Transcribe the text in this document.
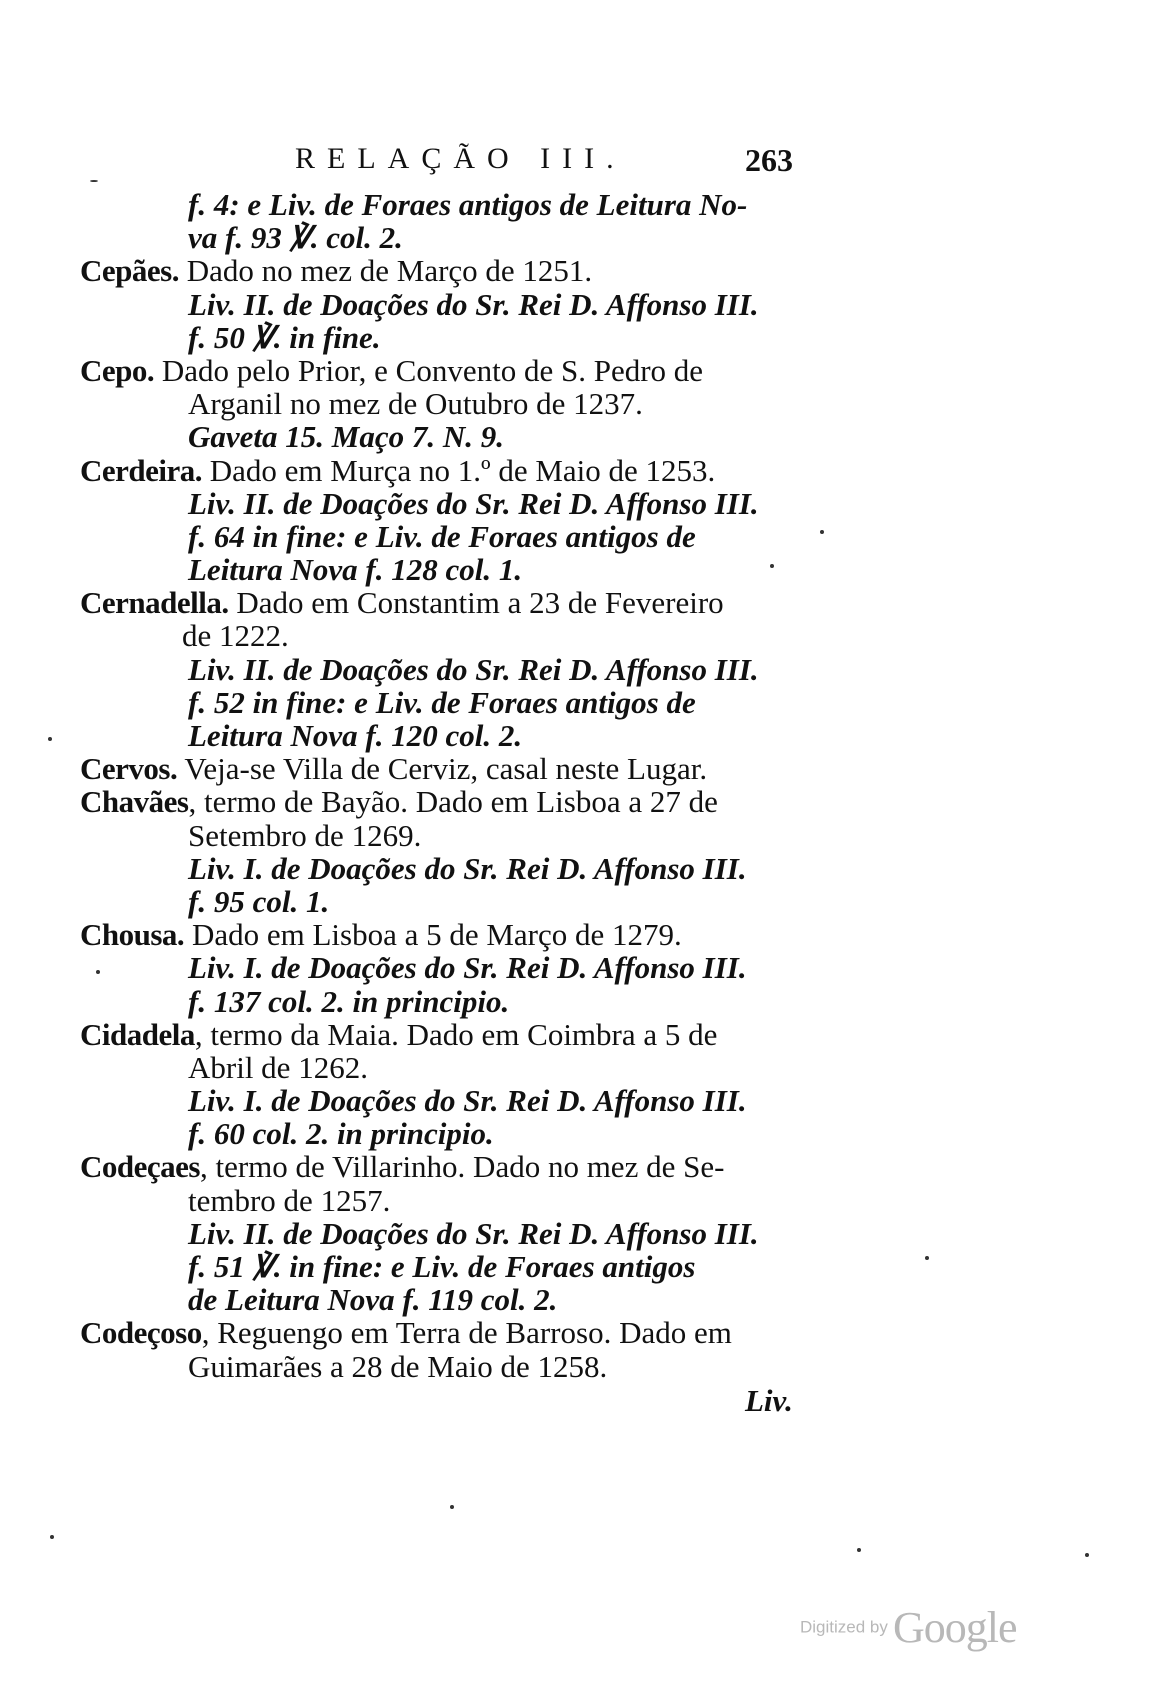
RELAÇÃO III.	263
f. 4: e Liv. de Foraes antigos de Leitura No-
va f. 93 ℣. col. 2.
Cepães. Dado no mez de Março de 1251.
Liv. II. de Doações do Sr. Rei D. Affonso III.
f. 50 ℣. in fine.
Cepo. Dado pelo Prior, e Convento de S. Pedro de
Arganil no mez de Outubro de 1237.
Gaveta 15. Maço 7. N. 9.
Cerdeira. Dado em Murça no 1.º de Maio de 1253.
Liv. II. de Doações do Sr. Rei D. Affonso III.
f. 64 in fine: e Liv. de Foraes antigos de
Leitura Nova f. 128 col. 1.
Cernadella. Dado em Constantim a 23 de Fevereiro
de 1222.
Liv. II. de Doações do Sr. Rei D. Affonso III.
f. 52 in fine: e Liv. de Foraes antigos de
Leitura Nova f. 120 col. 2.
Cervos. Veja-se Villa de Cerviz, casal neste Lugar.
Chavães, termo de Bayão. Dado em Lisboa a 27 de
Setembro de 1269.
Liv. I. de Doações do Sr. Rei D. Affonso III.
f. 95 col. 1.
Chousa. Dado em Lisboa a 5 de Março de 1279.
Liv. I. de Doações do Sr. Rei D. Affonso III.
f. 137 col. 2. in principio.
Cidadela, termo da Maia. Dado em Coimbra a 5 de
Abril de 1262.
Liv. I. de Doações do Sr. Rei D. Affonso III.
f. 60 col. 2. in principio.
Codeçaes, termo de Villarinho. Dado no mez de Se-
tembro de 1257.
Liv. II. de Doações do Sr. Rei D. Affonso III.
f. 51 ℣. in fine: e Liv. de Foraes antigos
de Leitura Nova f. 119 col. 2.
Codeçoso, Reguengo em Terra de Barroso. Dado em
Guimarães a 28 de Maio de 1258.
Liv.
Digitized by Google
